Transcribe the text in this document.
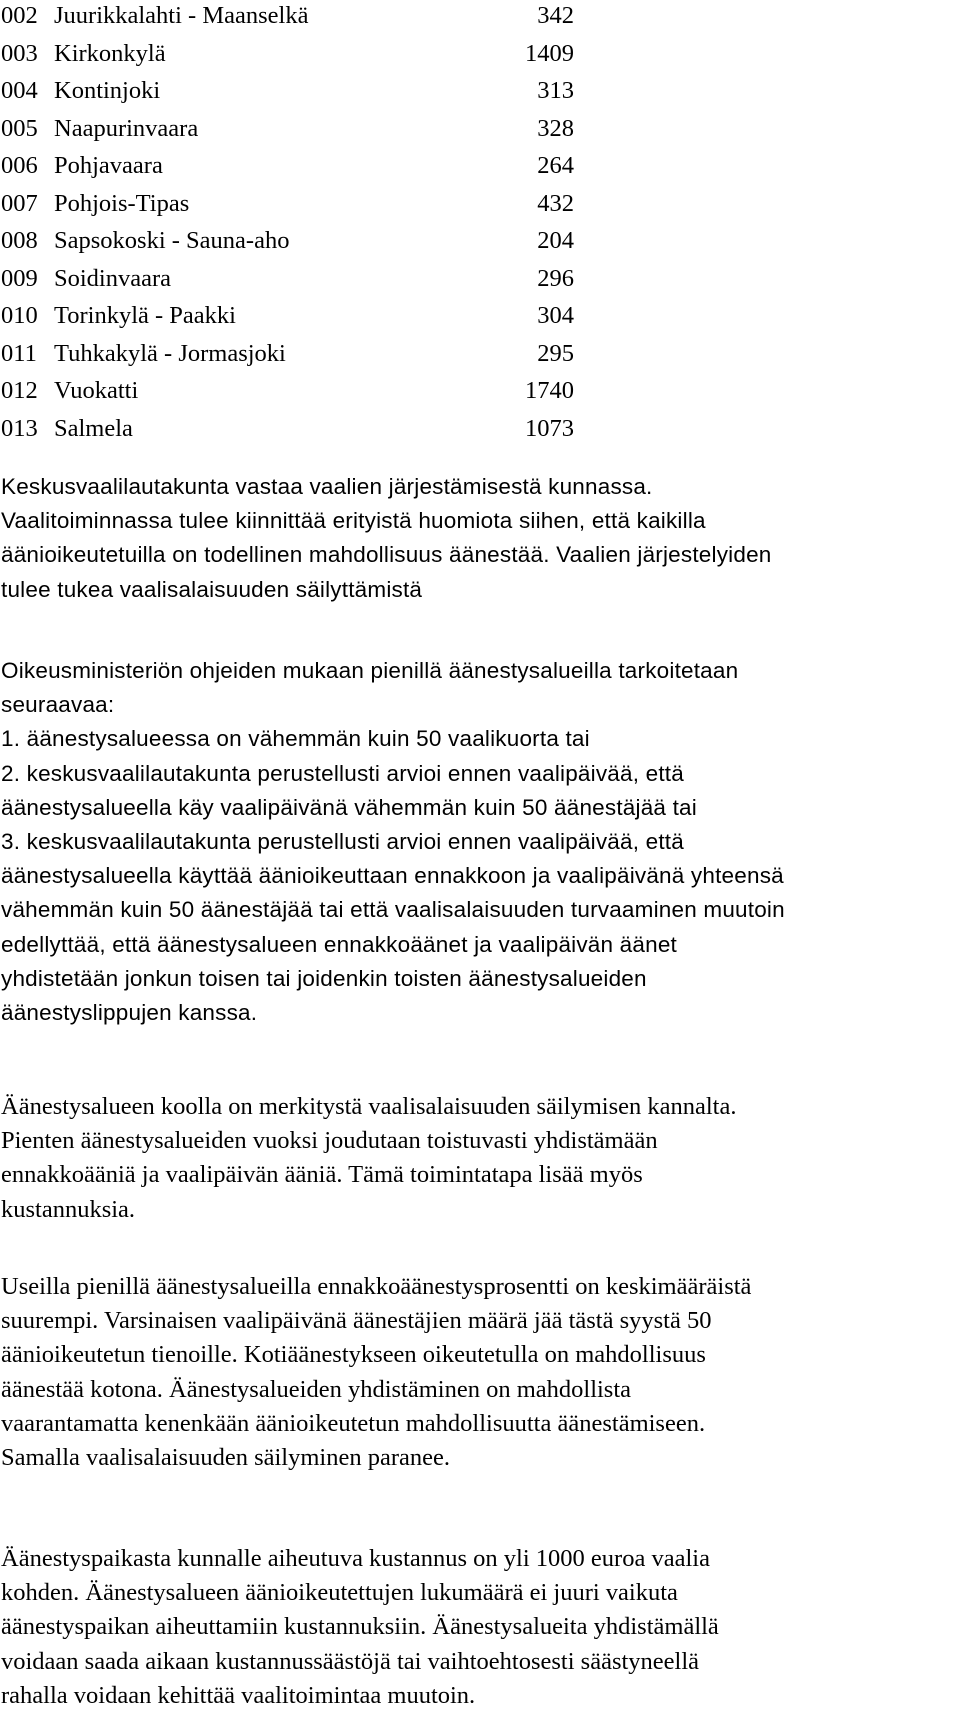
002 Juurikkalahti - Maanselkä	342
003 Kirkonkylä	1409
004 Kontinjoki	313
005 Naapurinvaara	328
006 Pohjavaara	264
007 Pohjois-Tipas	432
008 Sapsokoski - Sauna-aho	204
009 Soidinvaara	296
010 Torinkylä - Paakki	304
011 Tuhkakylä - Jormasjoki	295
012 Vuokatti	1740
013 Salmela	1073

Keskusvaalilautakunta vastaa vaalien järjestämisestä kunnassa.
Vaalitoiminnassa tulee kiinnittää erityistä huomiota siihen, että kaikilla
äänioikeutetuilla on todellinen mahdollisuus äänestää. Vaalien järjestelyiden
tulee tukea vaalisalaisuuden säilyttämistä

Oikeusministeriön ohjeiden mukaan pienillä äänestysalueilla tarkoitetaan
seuraavaa:
1. äänestysalueessa on vähemmän kuin 50 vaalikuorta tai
2. keskusvaalilautakunta perustellusti arvioi ennen vaalipäivää, että
äänestysalueella käy vaalipäivänä vähemmän kuin 50 äänestäjää tai
3. keskusvaalilautakunta perustellusti arvioi ennen vaalipäivää, että
äänestysalueella käyttää äänioikeuttaan ennakkoon ja vaalipäivänä yhteensä
vähemmän kuin 50 äänestäjää tai että vaalisalaisuuden turvaaminen muutoin
edellyttää, että äänestysalueen ennakkoäänet ja vaalipäivän äänet
yhdistetään jonkun toisen tai joidenkin toisten äänestysalueiden
äänestyslippujen kanssa.

Äänestysalueen koolla on merkitystä vaalisalaisuuden säilymisen kannalta.
Pienten äänestysalueiden vuoksi joudutaan toistuvasti yhdistämään
ennakkoääniä ja vaalipäivän ääniä. Tämä toimintatapa lisää myös
kustannuksia.

Useilla pienillä äänestysalueilla ennakkoäänestysprosentti on keskimääräistä
suurempi. Varsinaisen vaalipäivänä äänestäjien määrä jää tästä syystä 50
äänioikeutetun tienoille. Kotiäänestykseen oikeutetulla on mahdollisuus
äänestää kotona. Äänestysalueiden yhdistäminen on mahdollista
vaarantamatta kenenkään äänioikeutetun mahdollisuutta äänestämiseen.
Samalla vaalisalaisuuden säilyminen paranee.

Äänestyspaikasta kunnalle aiheutuva kustannus on yli 1000 euroa vaalia
kohden. Äänestysalueen äänioikeutettujen lukumäärä ei juuri vaikuta
äänestyspaikan aiheuttamiin kustannuksiin. Äänestysalueita yhdistämällä
voidaan saada aikaan kustannussäästöjä tai vaihtoehtosesti säästyneellä
rahalla voidaan kehittää vaalitoimintaa muutoin.
